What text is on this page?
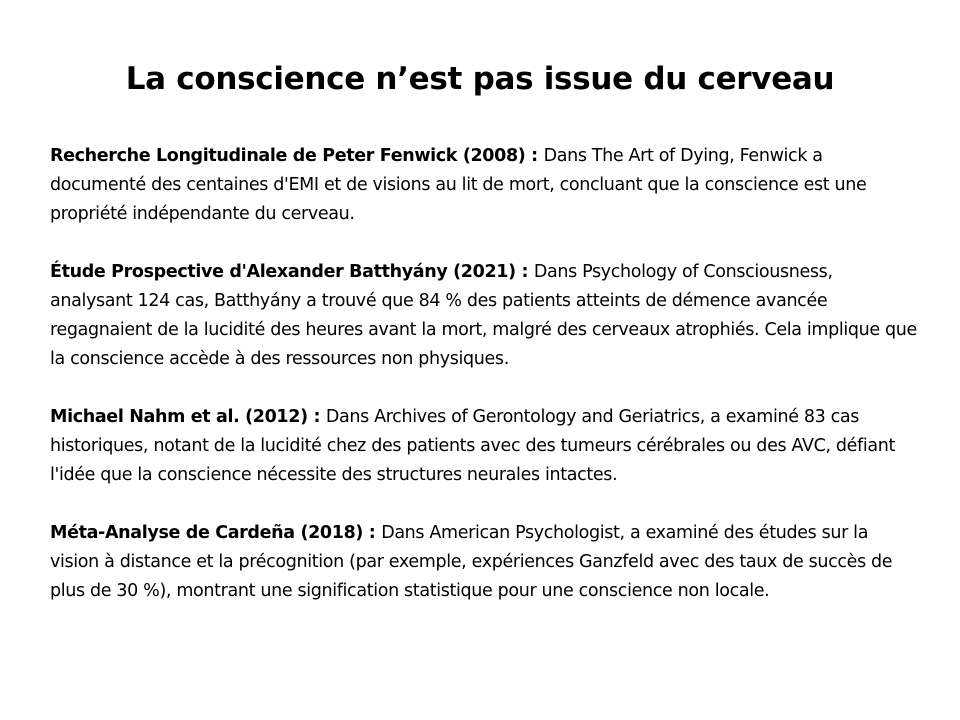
La conscience n’est pas issue du cerveau

Recherche Longitudinale de Peter Fenwick (2008) : Dans The Art of Dying, Fenwick a documenté des centaines d'EMI et de visions au lit de mort, concluant que la conscience est une propriété indépendante du cerveau.

Étude Prospective d'Alexander Batthyány (2021) : Dans Psychology of Consciousness, analysant 124 cas, Batthyány a trouvé que 84 % des patients atteints de démence avancée regagnaient de la lucidité des heures avant la mort, malgré des cerveaux atrophiés. Cela implique que la conscience accède à des ressources non physiques.

Michael Nahm et al. (2012) : Dans Archives of Gerontology and Geriatrics, a examiné 83 cas historiques, notant de la lucidité chez des patients avec des tumeurs cérébrales ou des AVC, défiant l'idée que la conscience nécessite des structures neurales intactes.

Méta-Analyse de Cardeña (2018) : Dans American Psychologist, a examiné des études sur la vision à distance et la précognition (par exemple, expériences Ganzfeld avec des taux de succès de plus de 30 %), montrant une signification statistique pour une conscience non locale.
